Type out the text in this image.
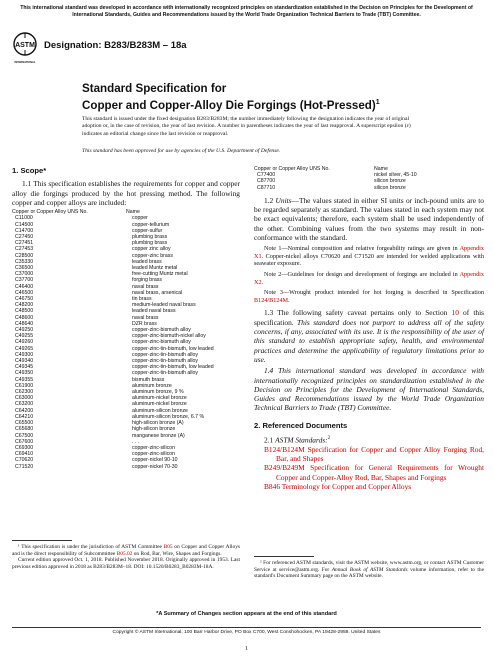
This international standard was developed in accordance with internationally recognized principles on standardization established in the Decision on Principles for the Development of International Standards, Guides and Recommendations issued by the World Trade Organization Technical Barriers to Trade (TBT) Committee.
ASTM
INTERNATIONAL
Designation: B283/B283M – 18a
Standard Specification for
Copper and Copper-Alloy Die Forgings (Hot-Pressed)$^1$
This standard is issued under the fixed designation B283/B283M; the number immediately following the designation indicates the year of original adoption or, in the case of revision, the year of last revision. A number in parentheses indicates the year of last reapproval. A superscript epsilon (ε) indicates an editorial change since the last revision or reapproval.
This standard has been approved for use by agencies of the U.S. Department of Defense.
1. Scope*

1.1 This specification establishes the requirements for copper and copper alloy die forgings produced by the hot pressing method. The following copper and copper alloys are included:

Copper or Copper Alloy UNS No.	Name
C11000	copper
C14500	copper-tellurium
C14700	copper-sulfur
C27450	plumbing brass
C27451	plumbing brass
C27453	copper zinc alloy
C28500	copper-zinc brass
C35330	leaded brass
C36500	leaded Muntz metal
C37000	free-cutting Muntz metal
C37700	forging brass
C46400	naval brass
C46500	naval brass, arsenical
C46750	tin brass
C48200	medium-leaded naval brass
C48500	leaded naval brass
C48600	naval brass
C48640	DZR brass
C49250	copper-zinc-bismuth alloy
C49255	copper-zinc-bismuth-nickel alloy
C49260	copper-zinc-bismuth alloy
C49265	copper-zinc-tin-bismuth, low leaded
C49300	copper-zinc-tin-bismuth alloy
C49340	copper-zinc-tin-bismuth alloy
C49345	copper-zinc-tin-bismuth, low leaded
C49350	copper-zinc-tin-bismuth alloy
C49355	bismuth brass
C61900	aluminum bronze
C62300	aluminum bronze, 9 %
C63000	aluminum-nickel bronze
C63200	aluminum-nickel bronze
C64200	aluminum-silicon bronze
C64210	aluminum-silicon bronze, 6.7 %
C65500	high-silicon bronze (A)
C65680	high-silicon bronze
C67500	manganese bronze (A)
C67600	. . .
C69300	copper-zinc-silicon
C69410	copper-zinc-silicon
C70620	copper-nickel 90-10
C71520	copper-nickel 70-30
Copper or Copper Alloy UNS No.	Name
C77400	nickel silver, 45-10
C87700	silicon bronze
C87710	silicon bronze

1.2 Units—The values stated in either SI units or inch-pound units are to be regarded separately as standard. The values stated in each system may not be exact equivalents; therefore, each system shall be used independently of the other. Combining values from the two systems may result in non-conformance with the standard.

Note 1—Nominal composition and relative forgeability ratings are given in Appendix X1. Copper-nickel alloys C70620 and C71520 are intended for welded applications with seawater exposure.

Note 2—Guidelines for design and development of forgings are included in Appendix X2.

Note 3—Wrought product intended for hot forging is described in Specification B124/B124M.

1.3 The following safety caveat pertains only to Section 10 of this specification. This standard does not purport to address all of the safety concerns, if any, associated with its use. It is the responsibility of the user of this standard to establish appropriate safety, health, and environmental practices and determine the applicability of regulatory limitations prior to use.

1.4 This international standard was developed in accordance with internationally recognized principles on standardization established in the Decision on Principles for the Development of International Standards, Guides and Recommendations issued by the World Trade Organization Technical Barriers to Trade (TBT) Committee.

2. Referenced Documents

2.1 ASTM Standards:$^2$

B124/B124M Specification for Copper and Copper Alloy Forging Rod, Bar, and Shapes

B249/B249M Specification for General Requirements for Wrought Copper and Copper-Alloy Rod, Bar, Shapes and Forgings

B846 Terminology for Copper and Copper Alloys

¹ This specification is under the jurisdiction of ASTM Committee B05 on Copper and Copper Alloys and is the direct responsibility of Subcommittee B05.02 on Rod, Bar, Wire, Shapes and Forgings.

Current edition approved Oct. 1, 2018. Published November 2018. Originally approved in 1953. Last previous edition approved in 2018 as B283/B283M–18. DOI: 10.1520/B0283_B0283M-18A.

² For referenced ASTM standards, visit the ASTM website, www.astm.org, or contact ASTM Customer Service at service@astm.org. For Annual Book of ASTM Standards volume information, refer to the standard's Document Summary page on the ASTM website.

*A Summary of Changes section appears at the end of this standard
Copyright © ASTM International, 100 Barr Harbor Drive, PO Box C700, West Conshohocken, PA 19428-2959. United States
1
